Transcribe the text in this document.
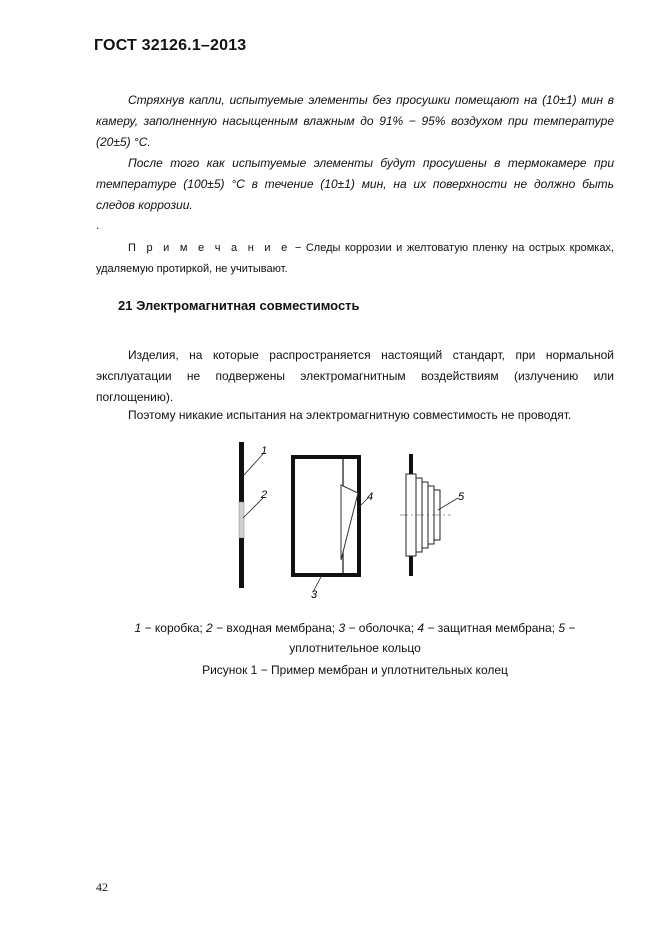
ГОСТ 32126.1–2013
Стряхнув капли, испытуемые элементы без просушки помещают на (10±1) мин в камеру, заполненную насыщенным влажным до 91% − 95% воздухом при температуре (20±5) °С.
После того как испытуемые элементы будут просушены в термокамере при температуре (100±5) °С в течение (10±1) мин, на их поверхности не должно быть следов коррозии.
.
П р и м е ч а н и е − Следы коррозии и желтоватую пленку на острых кромках, удаляемую протиркой, не учитывают.
21 Электромагнитная совместимость
Изделия, на которые распространяется настоящий стандарт, при нормальной эксплуатации не подвержены электромагнитным воздействиям (излучению или поглощению).
Поэтому никакие испытания на электромагнитную совместимость не проводят.
1
2
3
4	5
1 − коробка; 2 − входная мембрана; 3 − оболочка; 4 − защитная мембрана; 5 − уплотнительное кольцо
Рисунок 1 − Пример мембран и уплотнительных колец
42
